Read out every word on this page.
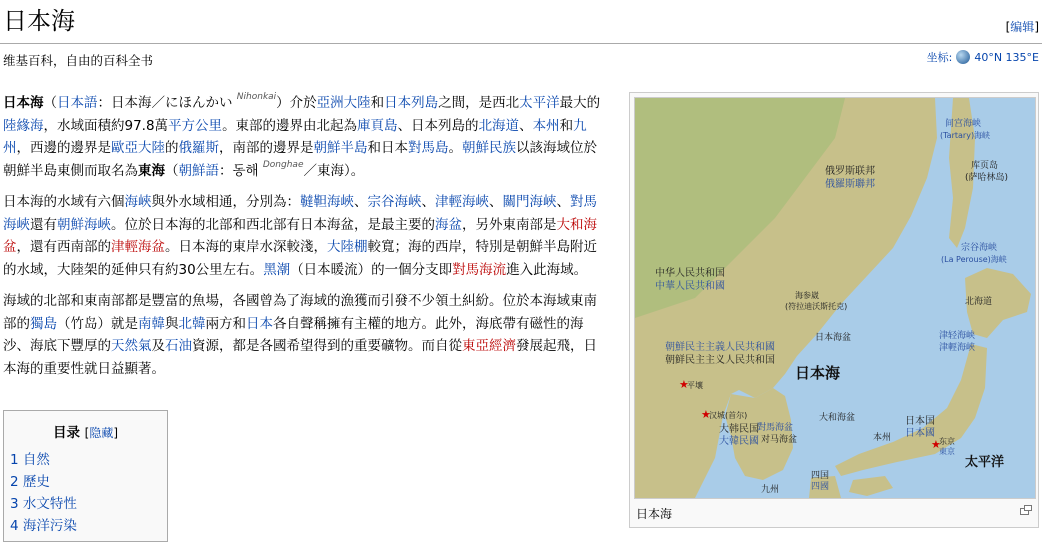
日本海	[编辑]
维基百科，自由的百科全书	坐标: 40°N 135°E

日本海（日本語：日本海／にほんかい $^{Nihonkai}$）介於亞洲大陸和日本列島之間，是西北太平洋最大的陸緣海，水域面積約97.8萬平方公里。東部的邊界由北起為庫頁島、日本列島的北海道、本州和九州，西邊的邊界是歐亞大陸的俄羅斯，南部的邊界是朝鮮半島和日本對馬島。朝鮮民族以該海域位於朝鮮半島東側而取名為東海（朝鮮語：동해 $^{Donghae}$／東海）。

日本海的水域有六個海峽與外水域相通，分別為：韃靼海峽、宗谷海峽、津輕海峽、關門海峽、對馬海峽還有朝鮮海峽。位於日本海的北部和西北部有日本海盆，是最主要的海盆，另外東南部是大和海盆，還有西南部的津輕海盆。日本海的東岸水深較淺，大陸棚較寬；海的西岸，特別是朝鮮半島附近的水域，大陸架的延伸只有約30公里左右。黑潮（日本暖流）的一個分支即對馬海流進入此海域。

海域的北部和東南部都是豐富的魚場，各國曾為了海域的漁獲而引發不少領土糾紛。位於本海域東南部的獨島（竹岛）就是南韓與北韓兩方和日本各自聲稱擁有主權的地方。此外，海底帶有磁性的海沙、海底下豐厚的天然氣及石油資源，都是各國希望得到的重要礦物。而自從東亞經濟發展起飛，日本海的重要性就日益顯著。

目录 [隐藏]
1 自然
2 歷史
3 水文特性
4 海洋污染
俄罗斯联邦
俄羅斯聯邦
中华人民共和国
中華人民共和國
朝鮮民主主義人民共和國
朝鲜民主主义人民共和国
大韩民国
大韓民國
日本海
太平洋
库页岛
(萨哈林岛)
间宫海峡
(Tartary)海峡
宗谷海峡
(La Perouse)海峡
北海道
津轻海峡
津輕海峽
日本海盆
大和海盆
对马海盆
對馬海盆
本州
日本国
日本國
四国
四國
九州
东京
東京
平壤
汉城(首尔)
海参崴
(符拉迪沃斯托克)
★
★
★
日本海
